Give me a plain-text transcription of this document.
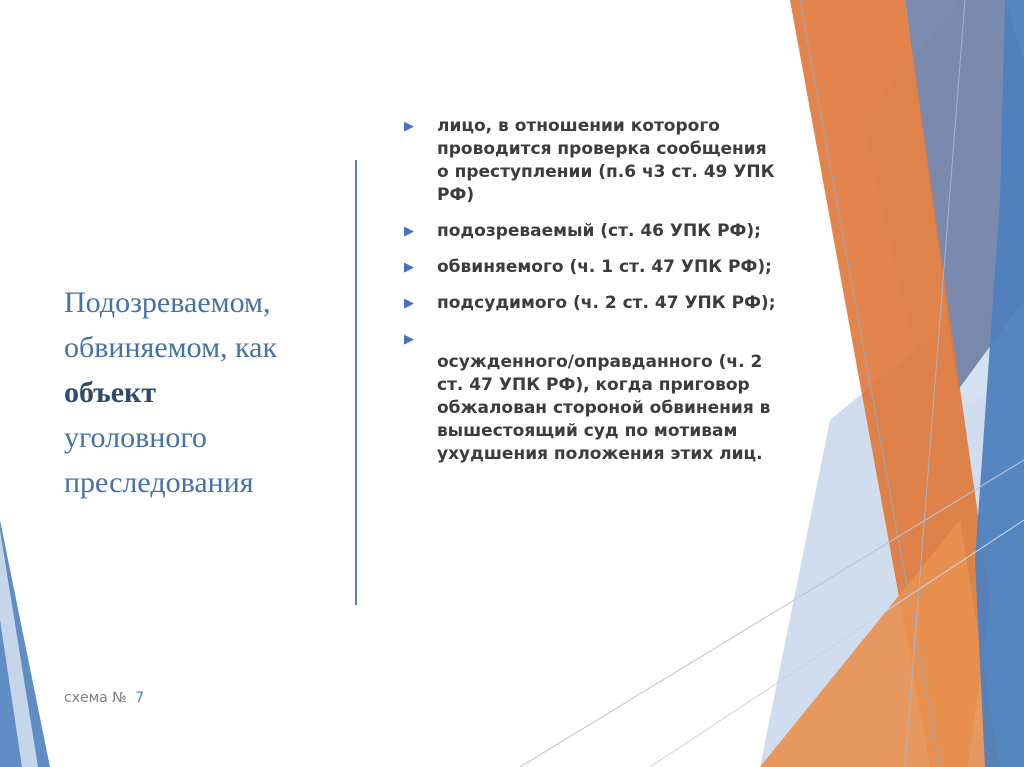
Подозреваемом,
обвиняемом, как
объект
уголовного
преследования
▶ лицо, в отношении которого проводится проверка сообщения о преступлении (п.6 ч3 ст. 49 УПК РФ)
▶ подозреваемый (ст. 46 УПК РФ);
▶ обвиняемого (ч. 1 ст. 47 УПК РФ);
▶ подсудимого (ч. 2 ст. 47 УПК РФ);
▶
осужденного/оправданного (ч. 2 ст. 47 УПК РФ), когда приговор обжалован стороной обвинения в вышестоящий суд по мотивам ухудшения положения этих лиц.
схема № 7
